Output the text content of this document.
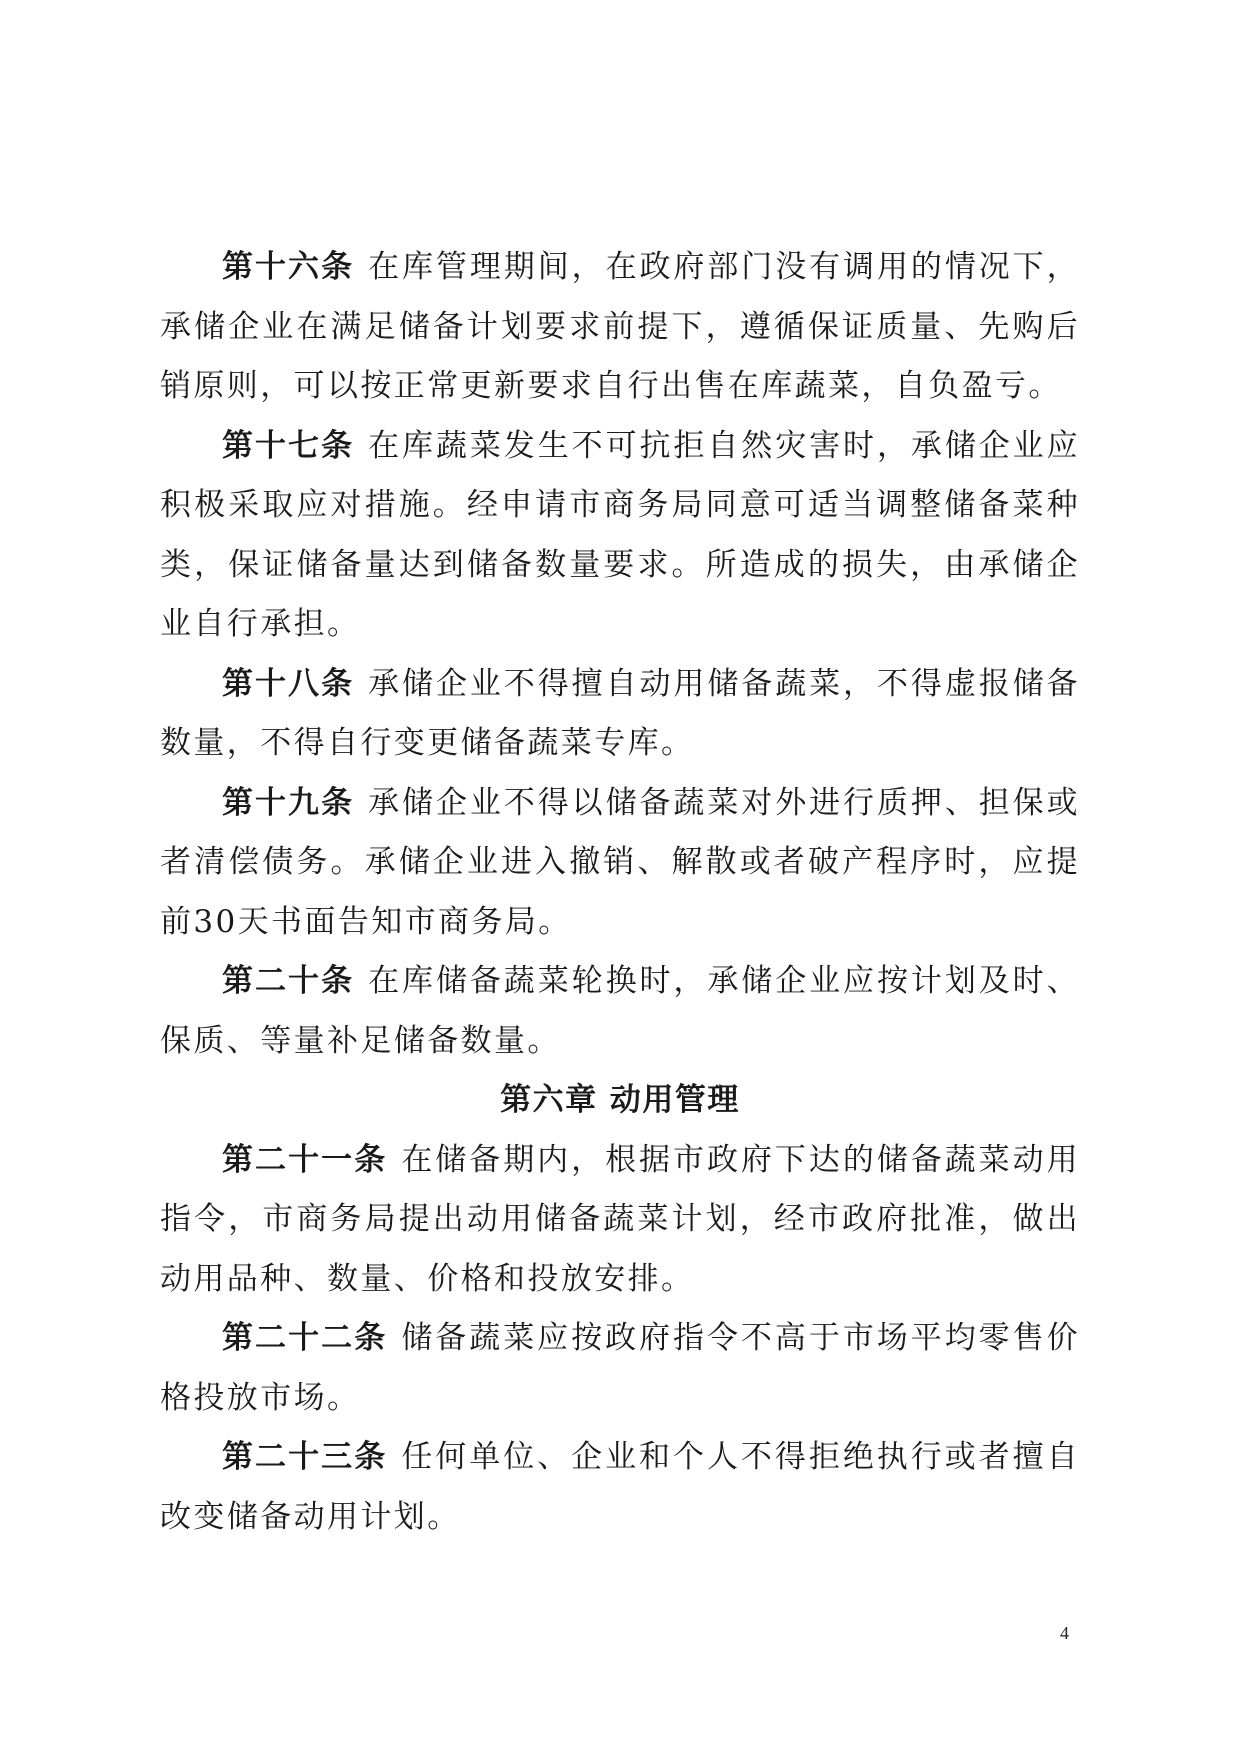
第十六条 在库管理期间，在政府部门没有调用的情况下，承储企业在满足储备计划要求前提下，遵循保证质量、先购后销原则，可以按正常更新要求自行出售在库蔬菜，自负盈亏。

第十七条 在库蔬菜发生不可抗拒自然灾害时，承储企业应积极采取应对措施。经申请市商务局同意可适当调整储备菜种类，保证储备量达到储备数量要求。所造成的损失，由承储企业自行承担。

第十八条 承储企业不得擅自动用储备蔬菜，不得虚报储备数量，不得自行变更储备蔬菜专库。

第十九条 承储企业不得以储备蔬菜对外进行质押、担保或者清偿债务。承储企业进入撤销、解散或者破产程序时，应提前30天书面告知市商务局。

第二十条 在库储备蔬菜轮换时，承储企业应按计划及时、保质、等量补足储备数量。

第六章 动用管理

第二十一条 在储备期内，根据市政府下达的储备蔬菜动用指令，市商务局提出动用储备蔬菜计划，经市政府批准，做出动用品种、数量、价格和投放安排。

第二十二条 储备蔬菜应按政府指令不高于市场平均零售价格投放市场。

第二十三条 任何单位、企业和个人不得拒绝执行或者擅自改变储备动用计划。

4
